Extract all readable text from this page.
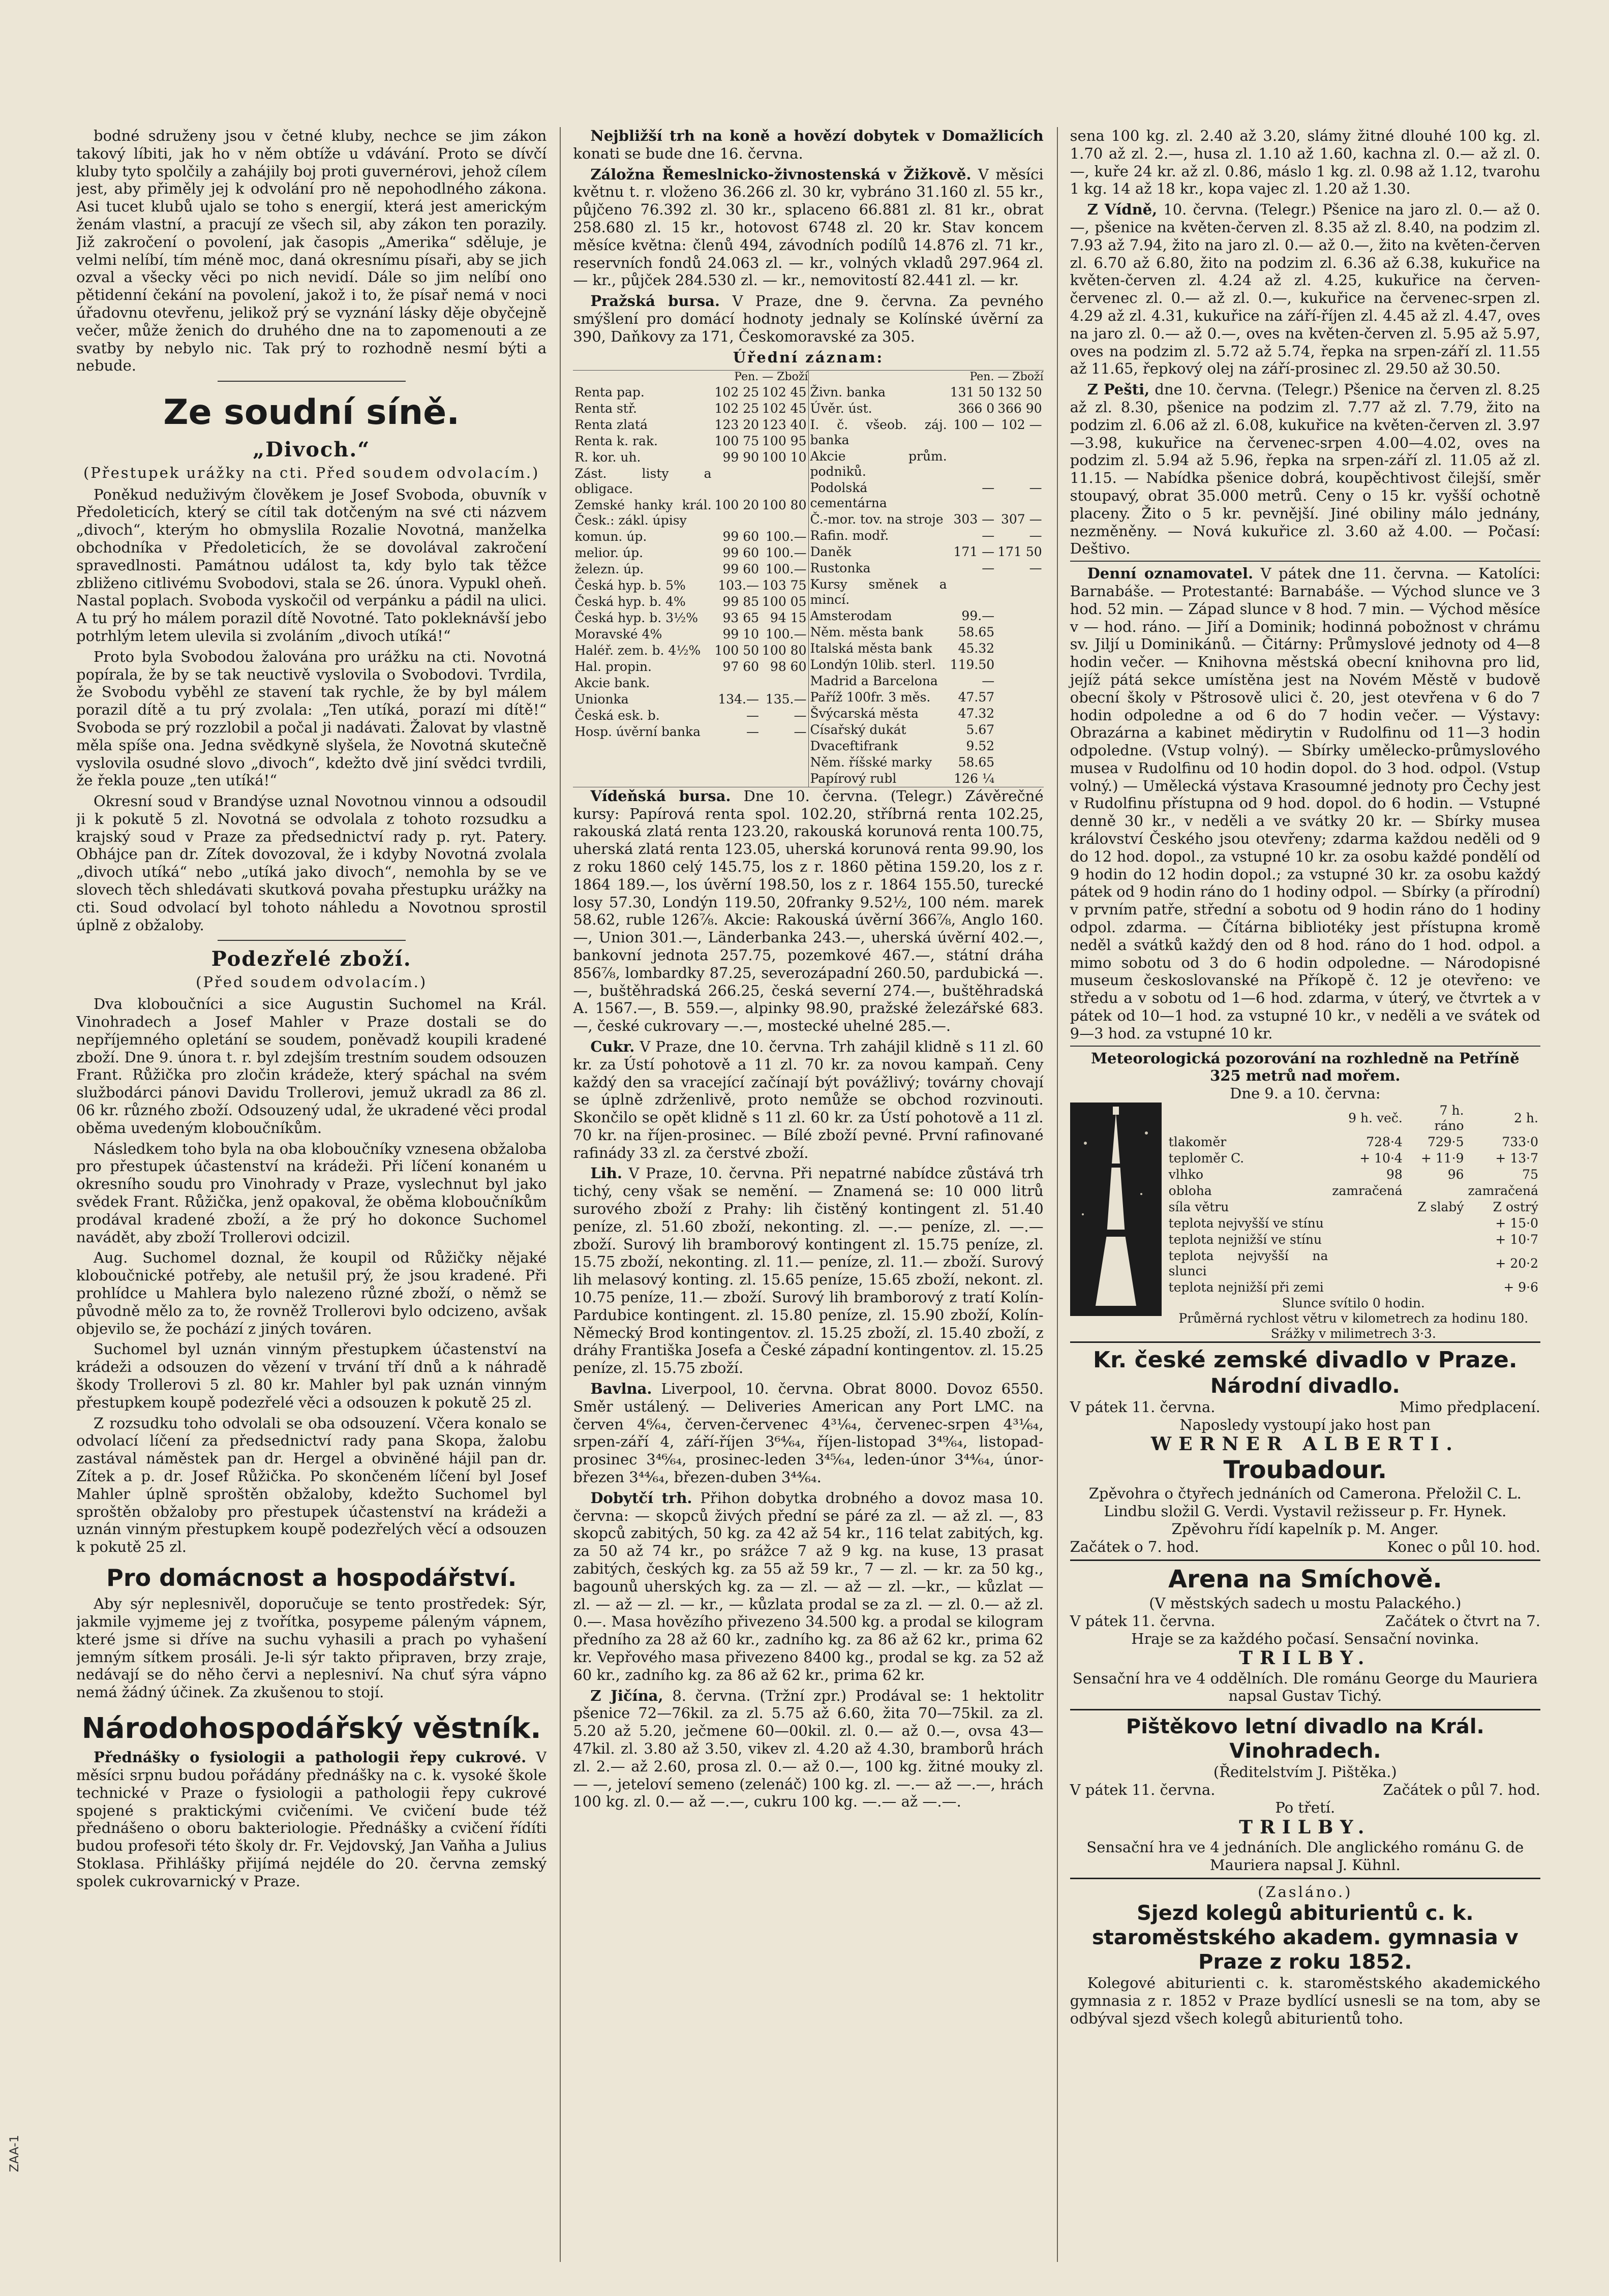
bodné sdruženy jsou v četné kluby, nechce se jim zákon takový líbiti, jak ho v něm obtíže u vdávání. Proto se dívčí kluby tyto spolčily a zahájily boj proti guvernérovi, jehož cílem jest, aby přiměly jej k odvolání pro ně nepohodlného zákona. Asi tucet klubů ujalo se toho s energií, která jest americkým ženám vlastní, a pracují ze všech sil, aby zákon ten porazily. Již zakročení o povolení, jak časopis „Amerika“ sděluje, je velmi nelíbí, tím méně moc, daná okresnímu písaři, aby se jich ozval a všecky věci po nich nevidí. Dále so jim nelíbí ono pětidenní čekání na povolení, jakož i to, že písař nemá v noci úřadovnu otevřenu, jelikož prý se vyznání lásky děje obyčejně večer, může ženich do druhého dne na to zapomenouti a ze svatby by nebylo nic. Tak prý to rozhodně nesmí býti a nebude.

Ze soudní síně.
„Divoch.“
(Přestupek urážky na cti. Před soudem odvolacím.)

Poněkud neduživým člověkem je Josef Svoboda, obuvník v Předoleticích, který se cítil tak dotčeným na své cti názvem „divoch“, kterým ho obmyslila Rozalie Novotná, manželka obchodníka v Předoleticích, že se dovolával zakročení spravedlnosti. Památnou událost ta, kdy bylo tak těžce zbliženo citlivému Svobodovi, stala se 26. února. Vypukl oheň. Nastal poplach. Svoboda vyskočil od verpánku a pádil na ulici. A tu prý ho málem porazil dítě Novotné. Tato pokleknávší jebo potrhlým letem ulevila si zvoláním „divoch utíká!“

Proto byla Svobodou žalována pro urážku na cti. Novotná popírala, že by se tak neuctivě vyslovila o Svobodovi. Tvrdila, že Svobodu vyběhl ze stavení tak rychle, že by byl málem porazil dítě a tu prý zvolala: „Ten utíká, porazí mi dítě!“ Svoboda se prý rozzlobil a počal ji nadávati. Žalovat by vlastně měla spíše ona. Jedna svědkyně slyšela, že Novotná skutečně vyslovila osudné slovo „divoch“, kdežto dvě jiní svědci tvrdili, že řekla pouze „ten utíká!“

Okresní soud v Brandýse uznal Novotnou vinnou a odsoudil ji k pokutě 5 zl. Novotná se odvolala z tohoto rozsudku a krajský soud v Praze za předsednictví rady p. ryt. Patery. Obhájce pan dr. Zítek dovozoval, že i kdyby Novotná zvolala „divoch utíká“ nebo „utíká jako divoch“, nemohla by se ve slovech těch shledávati skutková povaha přestupku urážky na cti. Soud odvolací byl tohoto náhledu a Novotnou sprostil úplně z obžaloby.

Podezřelé zboží.
(Před soudem odvolacím.)

Dva kloboučníci a sice Augustin Suchomel na Král. Vinohradech a Josef Mahler v Praze dostali se do nepříjemného opletání se soudem, poněvadž koupili kradené zboží. Dne 9. února t. r. byl zdejším trestním soudem odsouzen Frant. Růžička pro zločin krádeže, který spáchal na svém službodárci pánovi Davidu Trollerovi, jemuž ukradl za 86 zl. 06 kr. různého zboží. Odsouzený udal, že ukradené věci prodal oběma uvedeným kloboučníkům.

Následkem toho byla na oba kloboučníky vznesena obžaloba pro přestupek účastenství na krádeži. Při líčení konaném u okresního soudu pro Vinohrady v Praze, vyslechnut byl jako svědek Frant. Růžička, jenž opakoval, že oběma kloboučníkům prodával kradené zboží, a že prý ho dokonce Suchomel navádět, aby zboží Trollerovi odcizil.

Aug. Suchomel doznal, že koupil od Růžičky nějaké kloboučnické potřeby, ale netušil prý, že jsou kradené. Při prohlídce u Mahlera bylo nalezeno různé zboží, o němž se původně mělo za to, že rovněž Trollerovi bylo odcizeno, avšak objevilo se, že pochází z jiných továren.

Suchomel byl uznán vinným přestupkem účastenství na krádeži a odsouzen do vězení v trvání tří dnů a k náhradě škody Trollerovi 5 zl. 80 kr. Mahler byl pak uznán vinným přestupkem koupě podezřelé věci a odsouzen k pokutě 25 zl.

Z rozsudku toho odvolali se oba odsouzení. Včera konalo se odvolací líčení za předsednictví rady pana Skopa, žalobu zastával náměstek pan dr. Hergel a obviněné hájil pan dr. Zítek a p. dr. Josef Růžička. Po skončeném líčení byl Josef Mahler úplně sproštěn obžaloby, kdežto Suchomel byl sproštěn obžaloby pro přestupek účastenství na krádeži a uznán vinným přestupkem koupě podezřelých věcí a odsouzen k pokutě 25 zl.

Pro domácnost a hospodářství.

Aby sýr neplesnivěl, doporučuje se tento prostředek: Sýr, jakmile vyjmeme jej z tvořítka, posypeme páleným vápnem, které jsme si dříve na suchu vyhasili a prach po vyhašení jemným sítkem prosáli. Je-li sýr takto připraven, brzy zraje, nedávají se do něho červi a neplesniví. Na chuť sýra vápno nemá žádný účinek. Za zkušenou to stojí.

Národohospodářský věstník.

Přednášky o fysiologii a pathologii řepy cukrové. V měsíci srpnu budou pořádány přednášky na c. k. vysoké škole technické v Praze o fysiologii a pathologii řepy cukrové spojené s praktickými cvičeními. Ve cvičení bude též přednášeno o oboru bakteriologie. Přednášky a cvičení řídíti budou profesoři této školy dr. Fr. Vejdovský, Jan Vaňha a Julius Stoklasa. Přihlášky přijímá nejdéle do 20. června zemský spolek cukrovarnický v Praze.

Nejbližší trh na koně a hovězí dobytek v Domažlicích konati se bude dne 16. června.

Záložna Řemeslnicko-živnostenská v Žižkově. V měsíci květnu t. r. vloženo 36.266 zl. 30 kr, vybráno 31.160 zl. 55 kr., půjčeno 76.392 zl. 30 kr., splaceno 66.881 zl. 81 kr., obrat 258.680 zl. 15 kr., hotovost 6748 zl. 20 kr. Stav koncem měsíce května: členů 494, závodních podílů 14.876 zl. 71 kr., reservních fondů 24.063 zl. — kr., volných vkladů 297.964 zl. — kr., půjček 284.530 zl. — kr., nemovitostí 82.441 zl. — kr.

Pražská bursa. V Praze, dne 9. června. Za pevného smýšlení pro domácí hodnoty jednaly se Kolínské úvěrní za 390, Daňkovy za 171, Českomoravské za 305.

Úřední záznam:
Pen. — Zboží
Renta pap.	102 25	102 45
Renta stř.	102 25	102 45
Renta zlatá	123 20	123 40
Renta k. rak.	100 75	100 95
R. kor. uh.	99 90	100 10
Zást. listy a obligace.		
Zemské hanky král. Česk.: zákl. úpisy	100 20	100 80
komun. úp.	99 60	100.—
melior. úp.	99 60	100.—
železn. úp.	99 60	100.—
Česká hyp. b. 5%	103.—	103 75
Česká hyp. b. 4%	99 85	100 05
Česká hyp. b. 3½%	93 65	94 15
Moravské 4%	99 10	100.—
Haléř. zem. b. 4½%	100 50	100 80
Hal. propin.	97 60	98 60
Akcie bank.		
Unionka	134.—	135.—
Česká esk. b.	—	—
Hosp. úvěrní banka	—	—
Pen. — Zboží
Živn. banka	131 50	132 50
Úvěr. úst.	366 0	366 90
I. č. všeob. záj. banka	100 —	102 —
Akcie prům. podniků.		
Podolská cementárna	—	—
Č.-mor. tov. na stroje	303 —	307 —
Rafin. modř.	—	—
Daněk	171 —	171 50
Rustonka	—	—
Kursy směnek a mincí.		
Amsterodam	99.—	
Něm. města bank	58.65	
Italská města bank	45.32	
Londýn 10lib. sterl.	119.50	
Madrid a Barcelona	—	
Paříž 100fr. 3 měs.	47.57	
Švýcarská města	47.32	
Císařský dukát	5.67	
Dvaceftifrank	9.52	
Něm. říšské marky	58.65	
Papírový rubl	126 ¼	

Vídeňská bursa. Dne 10. června. (Telegr.) Závěrečné kursy: Papírová renta spol. 102.20, stříbrná renta 102.25, rakouská zlatá renta 123.20, rakouská korunová renta 100.75, uherská zlatá renta 123.05, uherská korunová renta 99.90, los z roku 1860 celý 145.75, los z r. 1860 pětina 159.20, los z r. 1864 189.—, los úvěrní 198.50, los z r. 1864 155.50, turecké losy 57.30, Londýn 119.50, 20franky 9.52½, 100 ném. marek 58.62, ruble 126⅞. Akcie: Rakouská úvěrní 366⅞, Anglo 160.—, Union 301.—, Länderbanka 243.—, uherská úvěrní 402.—, bankovní jednota 257.75, pozemkové 467.—, státní dráha 856⅞, lombardky 87.25, severozápadní 260.50, pardubická —.—, buštěhradská 266.25, česká severní 274.—, buštěhradská A. 1567.—, B. 559.—, alpinky 98.90, pražské železářské 683.—, české cukrovary —.—, mostecké uhelné 285.—.

Cukr. V Praze, dne 10. června. Trh zahájil klidně s 11 zl. 60 kr. za Ústí pohotově a 11 zl. 70 kr. za novou kampaň. Ceny každý den sa vracející začínají být povážlivý; továrny chovají se úplně zdrženlivě, proto nemůže se obchod rozvinouti. Skončilo se opět klidně s 11 zl. 60 kr. za Ústí pohotově a 11 zl. 70 kr. na říjen-prosinec. — Bílé zboží pevné. První rafinované rafinády 33 zl. za čerstvé zboží.

Lih. V Praze, 10. června. Při nepatrné nabídce zůstává trh tichý, ceny však se nemění. — Znamená se: 10 000 litrů surového zboží z Prahy: lih čistěný kontingent zl. 51.40 peníze, zl. 51.60 zboží, nekonting. zl. —.— peníze, zl. —.— zboží. Surový lih bramborový kontingent zl. 15.75 peníze, zl. 15.75 zboží, nekonting. zl. 11.— peníze, zl. 11.— zboží. Surový lih melasový konting. zl. 15.65 peníze, 15.65 zboží, nekont. zl. 10.75 peníze, 11.— zboží. Surový lih bramborový z tratí Kolín-Pardubice kontingent. zl. 15.80 peníze, zl. 15.90 zboží, Kolín-Německý Brod kontingentov. zl. 15.25 zboží, zl. 15.40 zboží, z dráhy Františka Josefa a České západní kontingentov. zl. 15.25 peníze, zl. 15.75 zboží.

Bavlna. Liverpool, 10. června. Obrat 8000. Dovoz 6550. Směr ustálený. — Deliveries American any Port LMC. na červen 4⁶⁄₆₄, červen-červenec 4³¹⁄₆₄, červenec-srpen 4³¹⁄₆₄, srpen-září 4, září-říjen 3⁶⁴⁄₆₄, říjen-listopad 3⁴⁹⁄₆₄, listopad-prosinec 3⁴⁶⁄₆₄, prosinec-leden 3⁴⁵⁄₆₄, leden-únor 3⁴⁴⁄₆₄, únor-březen 3⁴⁴⁄₆₄, březen-duben 3⁴⁴⁄₆₄.

Dobytčí trh. Přihon dobytka drobného a dovoz masa 10. června: — skopců živých přední se páré za zl. — až zl. —, 83 skopců zabitých, 50 kg. za 42 až 54 kr., 116 telat zabitých, kg. za 50 až 74 kr., po srážce 7 až 9 kg. na kuse, 13 prasat zabitých, českých kg. za 55 až 59 kr., 7 — zl. — kr. za 50 kg., bagounů uherských kg. za — zl. — až — zl. —kr., — kůzlat — zl. — až — zl. — kr., — kůzlata prodal se za zl. — zl. 0.— až zl. 0.—. Masa hovězího přivezeno 34.500 kg. a prodal se kilogram předního za 28 až 60 kr., zadního kg. za 86 až 62 kr., prima 62 kr. Vepřového masa přivezeno 8400 kg., prodal se kg. za 52 až 60 kr., zadního kg. za 86 až 62 kr., prima 62 kr.

Z Jičína, 8. června. (Tržní zpr.) Prodával se: 1 hektolitr pšenice 72—76kil. za zl. 5.75 až 6.60, žita 70—75kil. za zl. 5.20 až 5.20, ječmene 60—00kil. zl. 0.— až 0.—, ovsa 43—47kil. zl. 3.80 až 3.50, vikev zl. 4.20 až 4.30, bramborů hrách zl. 2.— až 2.60, prosa zl. 0.— až 0.—, 100 kg. žitné mouky zl. — —, jeteloví semeno (zelenáč) 100 kg. zl. —.— až —.—, hrách 100 kg. zl. 0.— až —.—, cukru 100 kg. —.— až —.—.

sena 100 kg. zl. 2.40 až 3.20, slámy žitné dlouhé 100 kg. zl. 1.70 až zl. 2.—, husa zl. 1.10 až 1.60, kachna zl. 0.— až zl. 0.—, kuře 24 kr. až zl. 0.86, máslo 1 kg. zl. 0.98 až 1.12, tvarohu 1 kg. 14 až 18 kr., kopa vajec zl. 1.20 až 1.30.

Z Vídně, 10. června. (Telegr.) Pšenice na jaro zl. 0.— až 0.—, pšenice na květen-červen zl. 8.35 až zl. 8.40, na podzim zl. 7.93 až 7.94, žito na jaro zl. 0.— až 0.—, žito na květen-červen zl. 6.70 až 6.80, žito na podzim zl. 6.36 až 6.38, kukuřice na květen-červen zl. 4.24 až zl. 4.25, kukuřice na červen-červenec zl. 0.— až zl. 0.—, kukuřice na červenec-srpen zl. 4.29 až zl. 4.31, kukuřice na září-říjen zl. 4.45 až zl. 4.47, oves na jaro zl. 0.— až 0.—, oves na květen-červen zl. 5.95 až 5.97, oves na podzim zl. 5.72 až 5.74, řepka na srpen-září zl. 11.55 až 11.65, řepkový olej na září-prosinec zl. 29.50 až 30.50.

Z Pešti, dne 10. června. (Telegr.) Pšenice na červen zl. 8.25 až zl. 8.30, pšenice na podzim zl. 7.77 až zl. 7.79, žito na podzim zl. 6.06 až zl. 6.08, kukuřice na květen-červen zl. 3.97—3.98, kukuřice na červenec-srpen 4.00—4.02, oves na podzim zl. 5.94 až 5.96, řepka na srpen-září zl. 11.05 až zl. 11.15. — Nabídka pšenice dobrá, koupěchtivost čilejší, směr stoupavý, obrat 35.000 metrů. Ceny o 15 kr. vyšší ochotně placeny. Žito o 5 kr. pevnější. Jiné obiliny málo jednány, nezměněny. — Nová kukuřice zl. 3.60 až 4.00. — Počasí: Deštivo.

Denní oznamovatel. V pátek dne 11. června. — Katolíci: Barnabáše. — Protestanté: Barnabáše. — Východ slunce ve 3 hod. 52 min. — Západ slunce v 8 hod. 7 min. — Východ měsíce v — hod. ráno. — Jiří a Dominik; hodinná pobožnost v chrámu sv. Jiljí u Dominikánů. — Čitárny: Průmyslové jednoty od 4—8 hodin večer. — Knihovna městská obecní knihovna pro lid, jejíž pátá sekce umístěna jest na Novém Městě v budově obecní školy v Pštrosově ulici č. 20, jest otevřena v 6 do 7 hodin odpoledne a od 6 do 7 hodin večer. — Výstavy: Obrazárna a kabinet mědirytin v Rudolfinu od 11—3 hodin odpoledne. (Vstup volný). — Sbírky umělecko-průmyslového musea v Rudolfinu od 10 hodin dopol. do 3 hod. odpol. (Vstup volný.) — Umělecká výstava Krasoumné jednoty pro Čechy jest v Rudolfinu přístupna od 9 hod. dopol. do 6 hodin. — Vstupné denně 30 kr., v neděli a ve svátky 20 kr. — Sbírky musea království Českého jsou otevřeny; zdarma každou neděli od 9 do 12 hod. dopol., za vstupné 10 kr. za osobu každé pondělí od 9 hodin do 12 hodin dopol.; za vstupné 30 kr. za osobu každý pátek od 9 hodin ráno do 1 hodiny odpol. — Sbírky (a přírodní) v prvním patře, střední a sobotu od 9 hodin ráno do 1 hodiny odpol. zdarma. — Čítárna bibliotéky jest přístupna kromě neděl a svátků každý den od 8 hod. ráno do 1 hod. odpol. a mimo sobotu od 3 do 6 hodin odpoledne. — Národopisné museum českoslovanské na Příkopě č. 12 je otevřeno: ve středu a v sobotu od 1—6 hod. zdarma, v úterý, ve čtvrtek a v pátek od 10—1 hod. za vstupné 10 kr., v neděli a ve svátek od 9—3 hod. za vstupné 10 kr.

Meteorologická pozorování na rozhledně na Petříně
325 metrů nad mořem.
Dne 9. a 10. června:
	9 h. več.	7 h. ráno	2 h.
tlakoměr	728·4	729·5	733·0
teploměr C.	+ 10·4	+ 11·9	+ 13·7
vlhko	98	96	75
obloha	zamračená		zamračená
síla větru		Z slabý	Z ostrý
teplota nejvyšší ve stínu			+ 15·0
teplota nejnižší ve stínu			+ 10·7
teplota nejvyšší na slunci			+ 20·2
teplota nejnižší při zemi			+ 9·6
Slunce svítilo 0 hodin.
Průměrná rychlost větru v kilometrech za hodinu 180.
Srážky v milimetrech 3·3.
Kr. české zemské divadlo v Praze.
Národní divadlo.
V pátek 11. června.	Mimo předplacení.
Naposledy vystoupí jako host pan
WERNER ALBERTI.
Troubadour.
Zpěvohra o čtyřech jednáních od Camerona. Přeložil C. L. Lindbu složil G. Verdi. Vystavil režisseur p. Fr. Hynek. Zpěvohru řídí kapelník p. M. Anger.
Začátek o 7. hod.	Konec o půl 10. hod.
Arena na Smíchově.
(V městských sadech u mostu Palackého.)
V pátek 11. června.	Začátek o čtvrt na 7.
Hraje se za každého počasí. Sensační novinka.
TRILBY.
Sensační hra ve 4 oddělních. Dle románu George du Mauriera napsal Gustav Tichý.
Pištěkovo letní divadlo na Král. Vinohradech.
(Ředitelstvím J. Pištěka.)
V pátek 11. června.	Začátek o půl 7. hod.
Po třetí.
TRILBY.
Sensační hra ve 4 jednáních. Dle anglického románu G. de Mauriera napsal J. Kühnl.
(Zasláno.)
Sjezd kolegů abiturientů c. k. staroměstského akadem. gymnasia v Praze z roku 1852.

Kolegové abiturienti c. k. staroměstského akademického gymnasia z r. 1852 v Praze bydlící usnesli se na tom, aby se odbýval sjezd všech kolegů abiturientů toho.

ZAA-1
